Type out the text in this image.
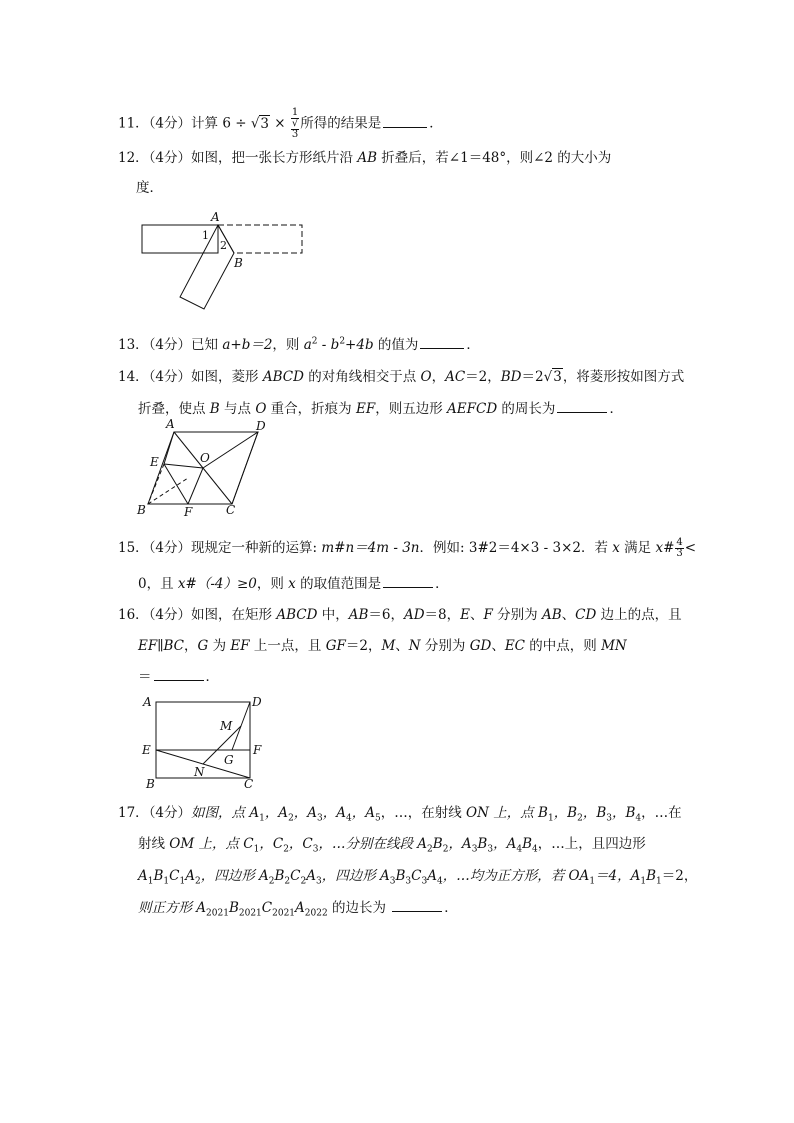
11．（4分）计算 6 ÷ √3 × 1
√
3 所得的结果是	．
12．（4分）如图，把一张长方形纸片沿 AB 折叠后，若∠1＝48°，则∠2 的大小为
度．
A
B
1
2
13．（4分）已知 a+b＝2，则 $a^2 - b^2+4b$ 的值为	．
14．（4分）如图，菱形 ABCD 的对角线相交于点 O，AC＝2，BD＝2√3，将菱形按如图方式
折叠，使点 B 与点 O 重合，折痕为 EF，则五边形 AEFCD 的周长为	．
A	D
E	O
B	F	C
15．（4分）现规定一种新的运算: m#n＝4m - 3n．例如: 3#2＝4×3 - 3×2．若 x 满足 x# $\frac{4}{3}$ <
0，且 x#（-4）≥0，则 x 的取值范围是	．
16．（4分）如图，在矩形 ABCD 中，AB＝6，AD＝8，E、F 分别为 AB、CD 边上的点，且
EF∥BC，G 为 EF 上一点，且 GF＝2，M、N 分别为 GD、EC 的中点，则 MN
＝	．
A	D
E	F
B	C
M
G
N
17．（4分）如图，点 $A_1$，$A_2$，$A_3$，$A_4$，$A_5$，…，在射线 ON 上，点 $B_1$，$B_2$，$B_3$，$B_4$，…在
射线 OM 上，点 $C_1$，$C_2$，$C_3$，…分别在线段 $A_2B_2$，$A_3B_3$，$A_4B_4$，…上，且四边形
$A_1B_1C_1A_2$，四边形 $A_2B_2C_2A_3$，四边形 $A_3B_3C_3A_4$，…均为正方形，若 $OA_1=4$，$A_1B_1=2$，
则正方形 $A_{2021}B_{2021}C_{2021}A_{2022}$ 的边长为	．
